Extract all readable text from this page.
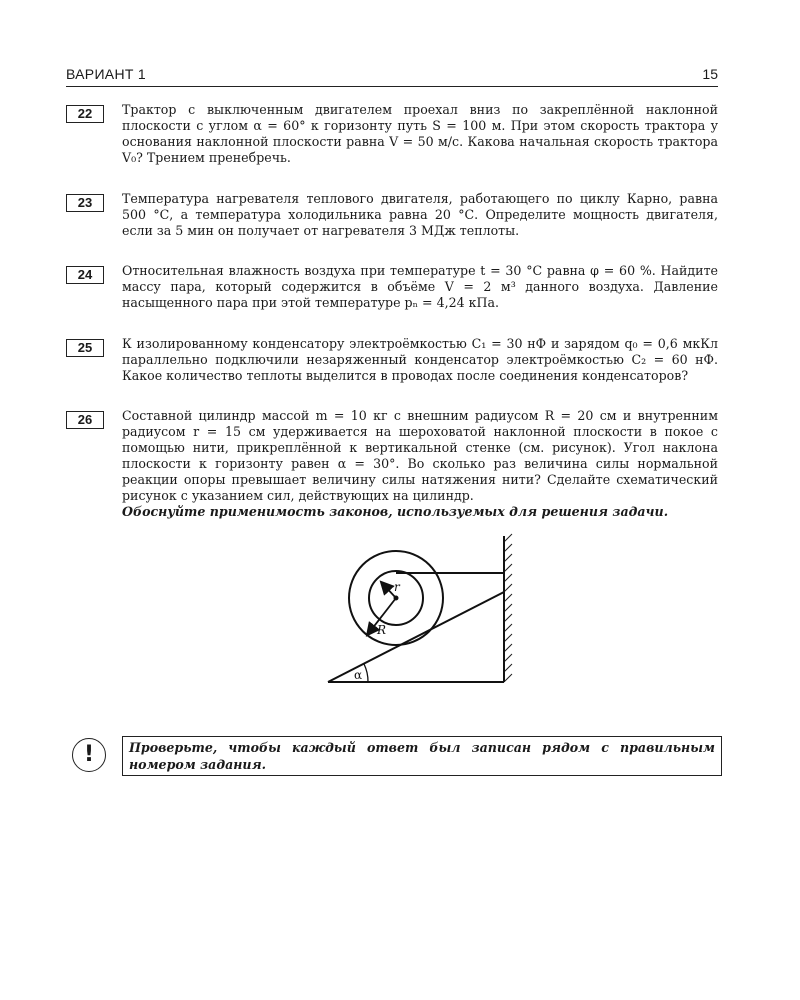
ВАРИАНТ 1	15
22	Трактор с выключенным двигателем проехал вниз по закреплённой наклонной плоскости с углом α = 60° к горизонту путь S = 100 м. При этом скорость трактора у основания наклонной плоскости равна V = 50 м/с. Какова начальная скорость трактора V₀? Трением пренебречь.

23	Температура нагревателя теплового двигателя, работающего по циклу Карно, равна 500 °С, а температура холодильника равна 20 °С. Определите мощность двигателя, если за 5 мин он получает от нагревателя 3 МДж теплоты.

24	Относительная влажность воздуха при температуре t = 30 °С равна φ = 60 %. Найдите массу пара, который содержится в объёме V = 2 м³ данного воздуха. Давление насыщенного пара при этой температуре pₙ = 4,24 кПа.

25	К изолированному конденсатору электроёмкостью C₁ = 30 нФ и зарядом q₀ = 0,6 мкКл параллельно подключили незаряженный конденсатор электроёмкостью C₂ = 60 нФ. Какое количество теплоты выделится в проводах после соединения конденсаторов?

26	Составной цилиндр массой m = 10 кг с внешним радиусом R = 20 см и внутренним радиусом r = 15 см удерживается на шероховатой наклонной плоскости в покое с помощью нити, прикреплённой к вертикальной стенке (см. рисунок). Угол наклона плоскости к горизонту равен α = 30°. Во сколько раз величина силы нормальной реакции опоры превышает величину силы натяжения нити? Сделайте схематический рисунок с указанием сил, действующих на цилиндр.

Обоснуйте применимость законов, используемых для решения задачи.

r
R
α
!	Проверьте, чтобы каждый ответ был записан рядом с правильным номером задания.
